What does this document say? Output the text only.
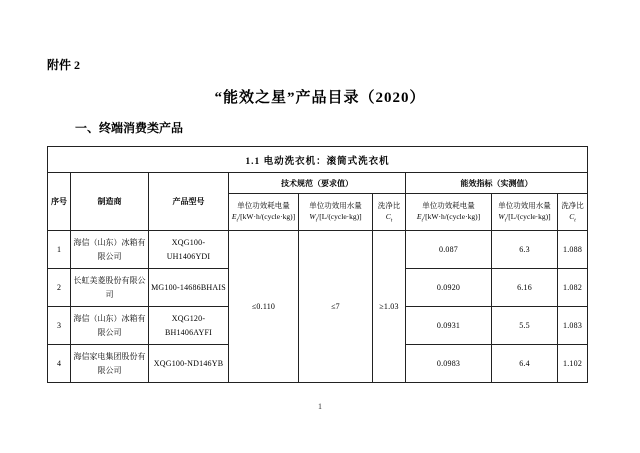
附件 2
“能效之星”产品目录（2020）
一、终端消费类产品
1.1 电动洗衣机：滚筒式洗衣机								
序号	制造商	产品型号	技术规范（要求值）			能效指标（实测值）		

单位功效耗电量
$E_t/[kW\cdot h/(cycle\cdot kg)]$

单位功效用水量
$W_t/[L/(cycle\cdot kg)]$

洗净比
$C_t$

单位功效耗电量
$E_t/[kW\cdot h/(cycle\cdot kg)]$

单位功效用水量
$W_t/[L/(cycle\cdot kg)]$

洗净比
$C_t$

1	海信（山东）冰箱有限公司	XQG100-UH1406YDI	≤0.110	≤7	≥1.03	0.087	6.3	1.088
2	长虹美菱股份有限公司	MG100-14686BHAIS				0.0920	6.16	1.082
3	海信（山东）冰箱有限公司	XQG120-BH1406AYFI				0.0931	5.5	1.083
4	海信家电集团股份有限公司	XQG100-ND146YB				0.0983	6.4	1.102
1
